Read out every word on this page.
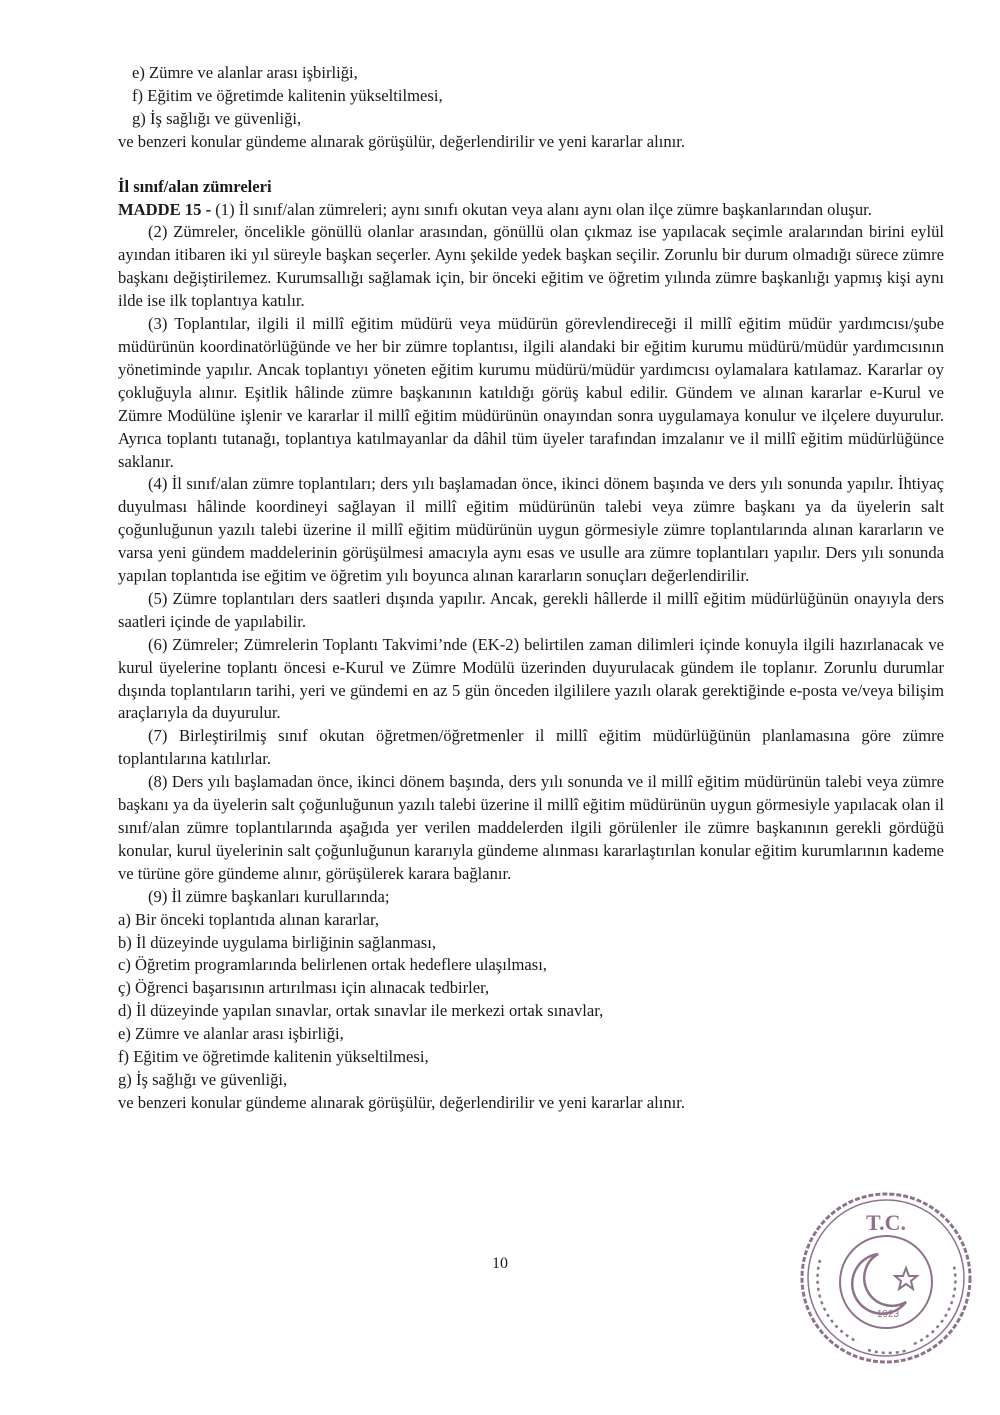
e) Zümre ve alanlar arası işbirliği,
f) Eğitim ve öğretimde kalitenin yükseltilmesi,
g) İş sağlığı ve güvenliği,
ve benzeri konular gündeme alınarak görüşülür, değerlendirilir ve yeni kararlar alınır.
İl sınıf/alan zümreleri
MADDE 15 - (1) İl sınıf/alan zümreleri; aynı sınıfı okutan veya alanı aynı olan ilçe zümre başkanlarından oluşur.
(2) Zümreler, öncelikle gönüllü olanlar arasından, gönüllü olan çıkmaz ise yapılacak seçimle aralarından birini eylül ayından itibaren iki yıl süreyle başkan seçerler. Aynı şekilde yedek başkan seçilir. Zorunlu bir durum olmadığı sürece zümre başkanı değiştirilemez. Kurumsallığı sağlamak için, bir önceki eğitim ve öğretim yılında zümre başkanlığı yapmış kişi aynı ilde ise ilk toplantıya katılır.
(3) Toplantılar, ilgili il millî eğitim müdürü veya müdürün görevlendireceği il millî eğitim müdür yardımcısı/şube müdürünün koordinatörlüğünde ve her bir zümre toplantısı, ilgili alandaki bir eğitim kurumu müdürü/müdür yardımcısının yönetiminde yapılır. Ancak toplantıyı yöneten eğitim kurumu müdürü/müdür yardımcısı oylamalara katılamaz. Kararlar oy çokluğuyla alınır. Eşitlik hâlinde zümre başkanının katıldığı görüş kabul edilir. Gündem ve alınan kararlar e-Kurul ve Zümre Modülüne işlenir ve kararlar il millî eğitim müdürünün onayından sonra uygulamaya konulur ve ilçelere duyurulur. Ayrıca toplantı tutanağı, toplantıya katılmayanlar da dâhil tüm üyeler tarafından imzalanır ve il millî eğitim müdürlüğünce saklanır.
(4) İl sınıf/alan zümre toplantıları; ders yılı başlamadan önce, ikinci dönem başında ve ders yılı sonunda yapılır. İhtiyaç duyulması hâlinde koordineyi sağlayan il millî eğitim müdürünün talebi veya zümre başkanı ya da üyelerin salt çoğunluğunun yazılı talebi üzerine il millî eğitim müdürünün uygun görmesiyle zümre toplantılarında alınan kararların ve varsa yeni gündem maddelerinin görüşülmesi amacıyla aynı esas ve usulle ara zümre toplantıları yapılır. Ders yılı sonunda yapılan toplantıda ise eğitim ve öğretim yılı boyunca alınan kararların sonuçları değerlendirilir.
(5) Zümre toplantıları ders saatleri dışında yapılır. Ancak, gerekli hâllerde il millî eğitim müdürlüğünün onayıyla ders saatleri içinde de yapılabilir.
(6) Zümreler; Zümrelerin Toplantı Takvimi’nde (EK-2) belirtilen zaman dilimleri içinde konuyla ilgili hazırlanacak ve kurul üyelerine toplantı öncesi e-Kurul ve Zümre Modülü üzerinden duyurulacak gündem ile toplanır. Zorunlu durumlar dışında toplantıların tarihi, yeri ve gündemi en az 5 gün önceden ilgililere yazılı olarak gerektiğinde e-posta ve/veya bilişim araçlarıyla da duyurulur.
(7) Birleştirilmiş sınıf okutan öğretmen/öğretmenler il millî eğitim müdürlüğünün planlamasına göre zümre toplantılarına katılırlar.
(8) Ders yılı başlamadan önce, ikinci dönem başında, ders yılı sonunda ve il millî eğitim müdürünün talebi veya zümre başkanı ya da üyelerin salt çoğunluğunun yazılı talebi üzerine il millî eğitim müdürünün uygun görmesiyle yapılacak olan il sınıf/alan zümre toplantılarında aşağıda yer verilen maddelerden ilgili görülenler ile zümre başkanının gerekli gördüğü konular, kurul üyelerinin salt çoğunluğunun kararıyla gündeme alınması kararlaştırılan konular eğitim kurumlarının kademe ve türüne göre gündeme alınır, görüşülerek karara bağlanır.
(9) İl zümre başkanları kurullarında;
a) Bir önceki toplantıda alınan kararlar,
b) İl düzeyinde uygulama birliğinin sağlanması,
c) Öğretim programlarında belirlenen ortak hedeflere ulaşılması,
ç) Öğrenci başarısının artırılması için alınacak tedbirler,
d) İl düzeyinde yapılan sınavlar, ortak sınavlar ile merkezi ortak sınavlar,
e) Zümre ve alanlar arası işbirliği,
f) Eğitim ve öğretimde kalitenin yükseltilmesi,
g) İş sağlığı ve güvenliği,
ve benzeri konular gündeme alınarak görüşülür, değerlendirilir ve yeni kararlar alınır.
10
T.C.
1923
